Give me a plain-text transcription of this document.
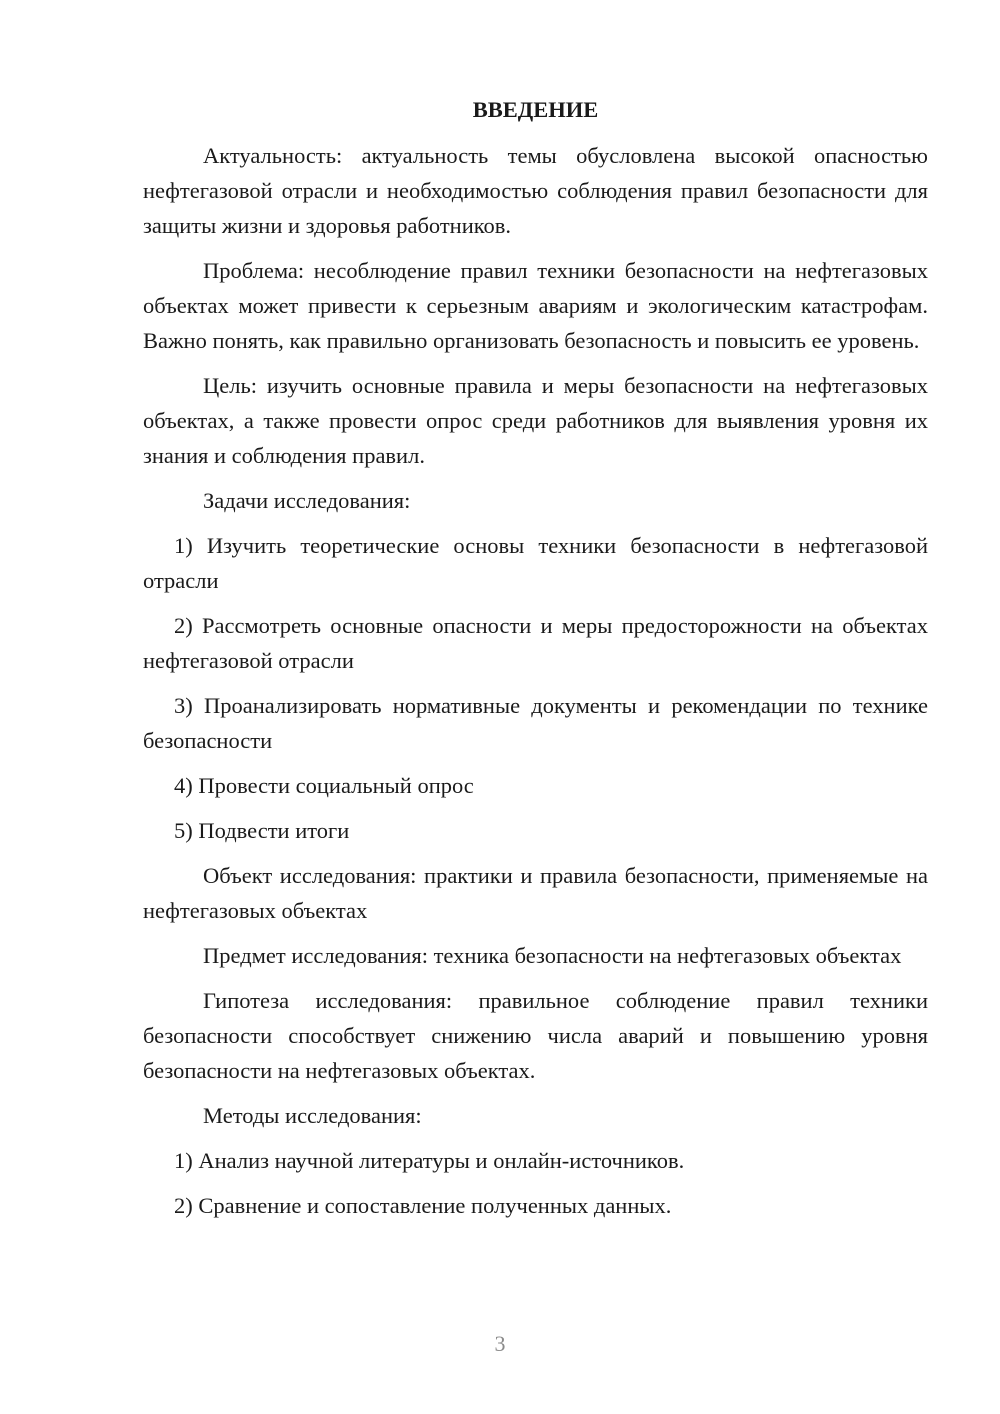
ВВЕДЕНИЕ

Актуальность: актуальность темы обусловлена высокой опасностью нефтегазовой отрасли и необходимостью соблюдения правил безопасности для защиты жизни и здоровья работников.

Проблема: несоблюдение правил техники безопасности на нефтегазовых объектах может привести к серьезным авариям и экологическим катастрофам. Важно понять, как правильно организовать безопасность и повысить ее уровень.

Цель: изучить основные правила и меры безопасности на нефтегазовых объектах, а также провести опрос среди работников для выявления уровня их знания и соблюдения правил.

Задачи исследования:

1) Изучить теоретические основы техники безопасности в нефтегазовой отрасли

2) Рассмотреть основные опасности и меры предосторожности на объектах нефтегазовой отрасли

3) Проанализировать нормативные документы и рекомендации по технике безопасности

4) Провести социальный опрос

5) Подвести итоги

Объект исследования: практики и правила безопасности, применяемые на нефтегазовых объектах

Предмет исследования: техника безопасности на нефтегазовых объектах

Гипотеза исследования: правильное соблюдение правил техники безопасности способствует снижению числа аварий и повышению уровня безопасности на нефтегазовых объектах.

Методы исследования:

1) Анализ научной литературы и онлайн-источников.

2) Сравнение и сопоставление полученных данных.

3
